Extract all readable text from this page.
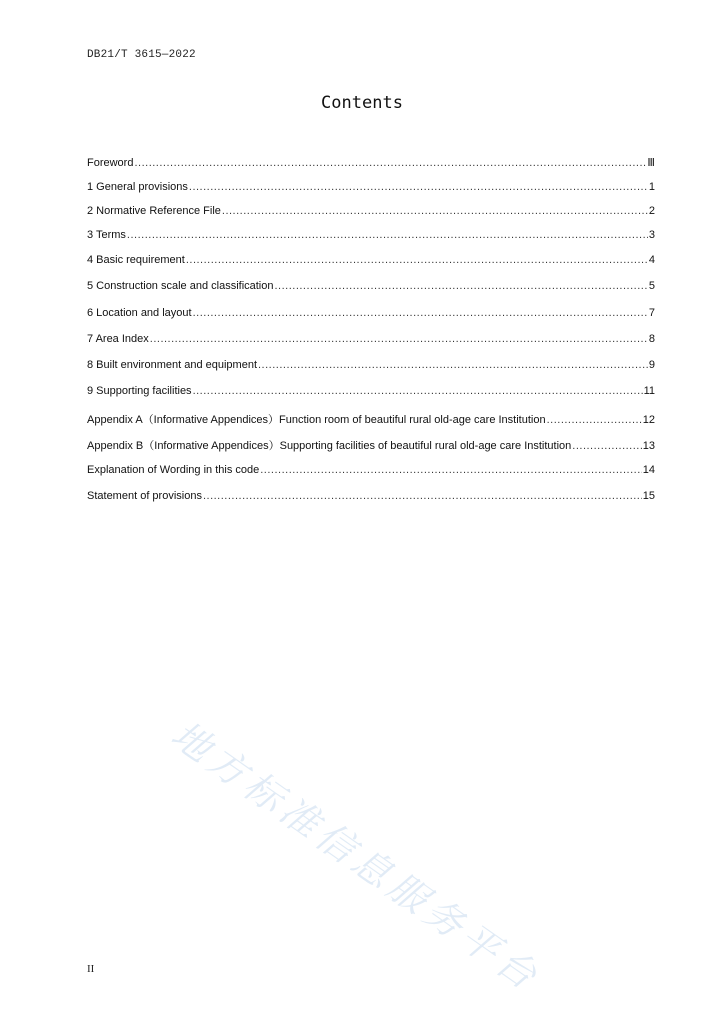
DB21/T 3615—2022
Contents
Foreword .....	Ⅲ
1 General provisions .....	1
2 Normative Reference File .....	2
3 Terms .....	3
4 Basic requirement .....	4
5 Construction scale and classification .....	5
6 Location and layout .....	7
7 Area Index .....	8
8 Built environment and equipment .....	9
9 Supporting facilities .....	11
Appendix A（Informative Appendices）Function room of beautiful rural old-age care Institution .....	12
Appendix B（Informative Appendices）Supporting facilities of beautiful rural old-age care Institution .....	13
Explanation of Wording in this code .....	14
Statement of provisions .....	15
地方标准信息服务平台
II
